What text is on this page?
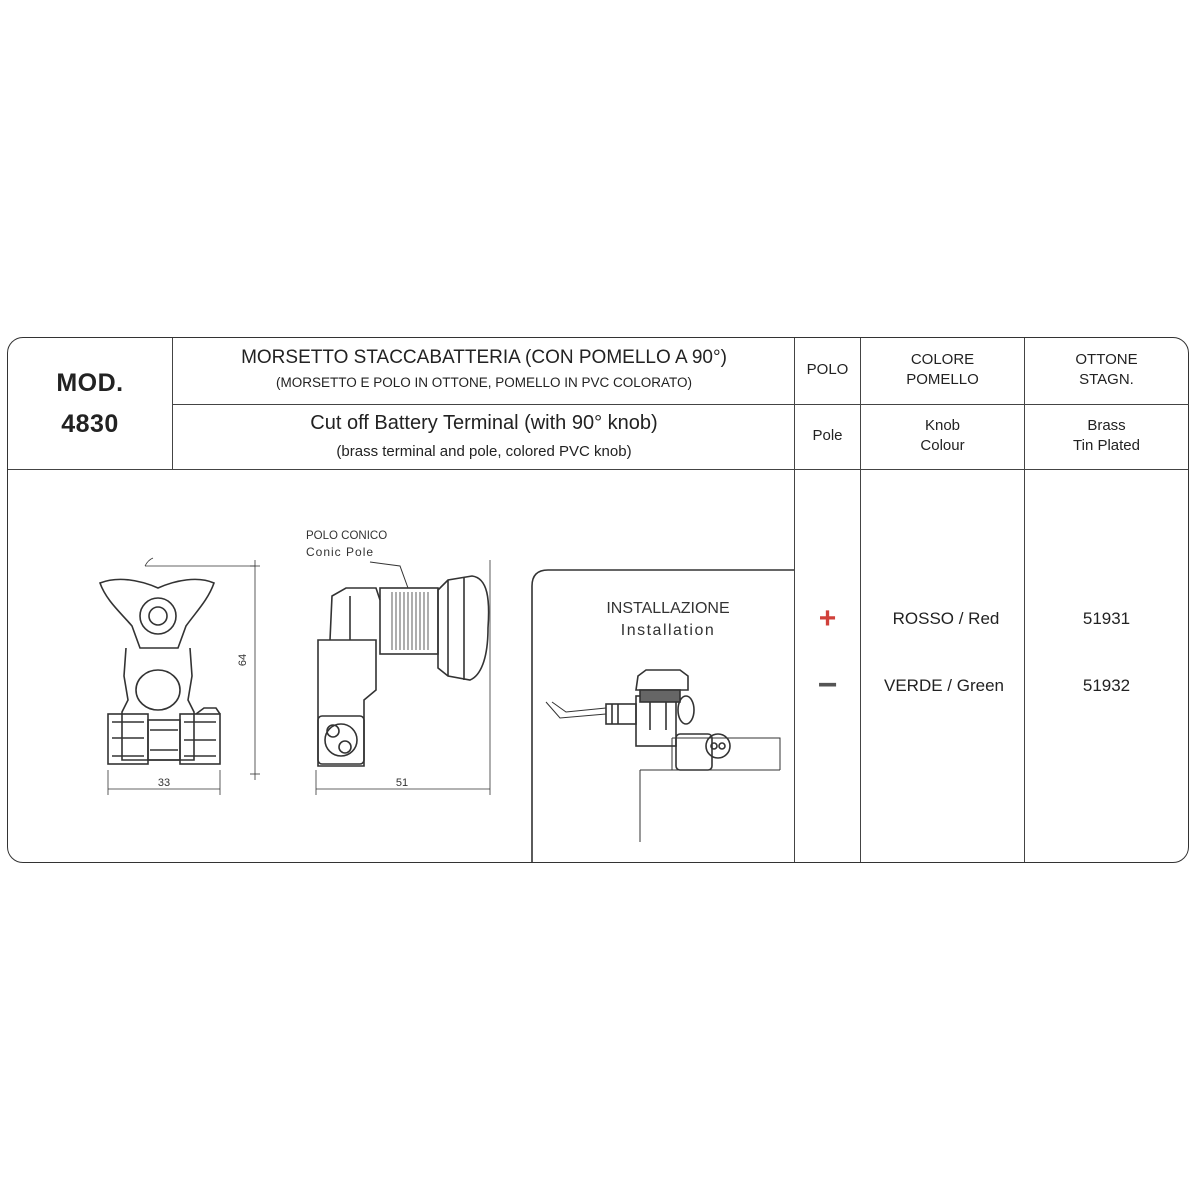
MOD.
4830
MORSETTO STACCABATTERIA (CON POMELLO A 90°)
(MORSETTO E POLO IN OTTONE, POMELLO IN PVC COLORATO)
Cut off Battery Terminal (with 90° knob)
(brass terminal and pole, colored PVC knob)
POLO
Pole
COLORE
POMELLO
Knob
Colour
OTTONE
STAGN.
Brass
Tin Plated
+	ROSSO / Red	51931
−	VERDE / Green	51932
33
64
51
POLO CONICO
Conic Pole
INSTALLAZIONE
Installation
